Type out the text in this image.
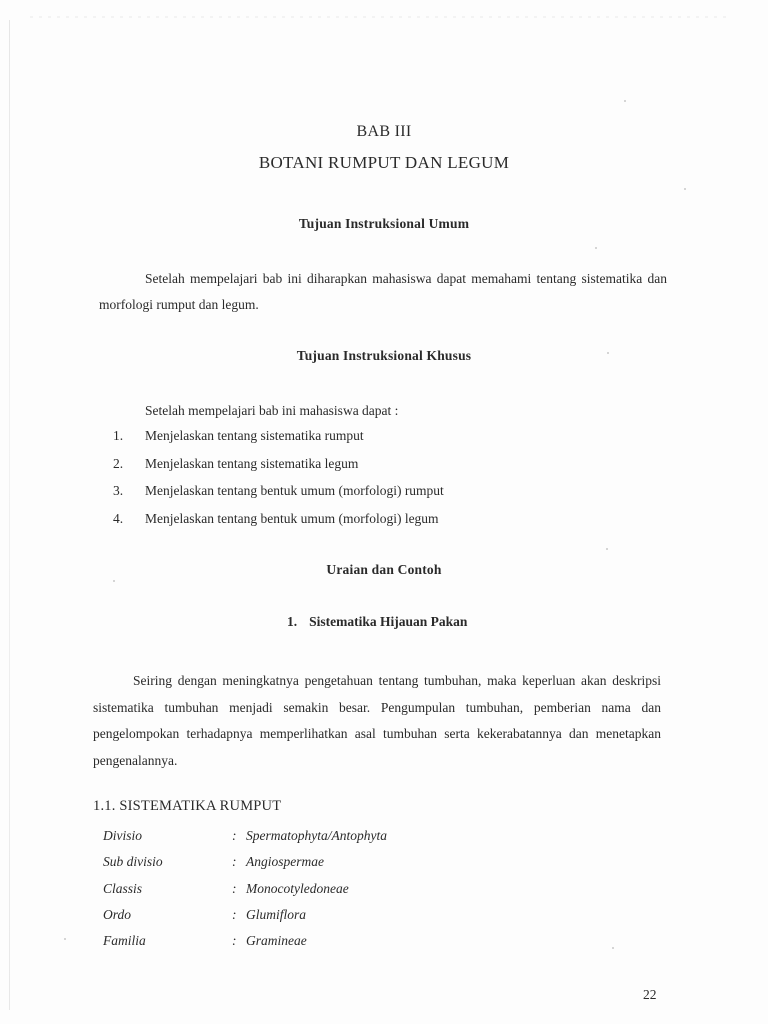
BAB III
BOTANI RUMPUT DAN LEGUM
Tujuan Instruksional Umum
Setelah mempelajari bab ini diharapkan mahasiswa dapat memahami tentang sistematika dan morfologi rumput dan legum.
Tujuan Instruksional Khusus
Setelah mempelajari bab ini mahasiswa dapat :
1. Menjelaskan tentang sistematika rumput
2. Menjelaskan tentang sistematika legum
3. Menjelaskan tentang bentuk umum (morfologi) rumput
4. Menjelaskan tentang bentuk umum (morfologi) legum
Uraian dan Contoh
1. Sistematika Hijauan Pakan
Seiring dengan meningkatnya pengetahuan tentang tumbuhan, maka keperluan akan deskripsi sistematika tumbuhan menjadi semakin besar. Pengumpulan tumbuhan, pemberian nama dan pengelompokan terhadapnya memperlihatkan asal tumbuhan serta kekerabatannya dan menetapkan pengenalannya.
1.1. SISTEMATIKA RUMPUT
Divisio	:	Spermatophyta/Antophyta
Sub divisio	:	Angiospermae
Classis	:	Monocotyledoneae
Ordo	:	Glumiflora
Familia	:	Gramineae
22
